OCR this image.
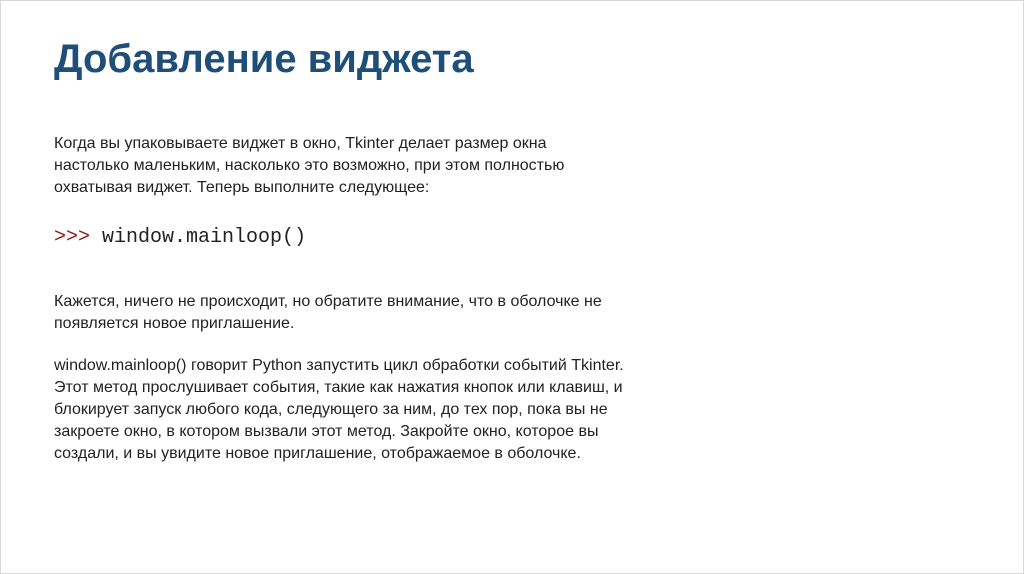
Добавление виджета

Когда вы упаковываете виджет в окно, Tkinter делает размер окна
настолько маленьким, насколько это возможно, при этом полностью
охватывая виджет. Теперь выполните следующее:

>>> window.mainloop()

Кажется, ничего не происходит, но обратите внимание, что в оболочке не
появляется новое приглашение.

window.mainloop() говорит Python запустить цикл обработки событий Tkinter.
Этот метод прослушивает события, такие как нажатия кнопок или клавиш, и
блокирует запуск любого кода, следующего за ним, до тех пор, пока вы не
закроете окно, в котором вызвали этот метод. Закройте окно, которое вы
создали, и вы увидите новое приглашение, отображаемое в оболочке.
